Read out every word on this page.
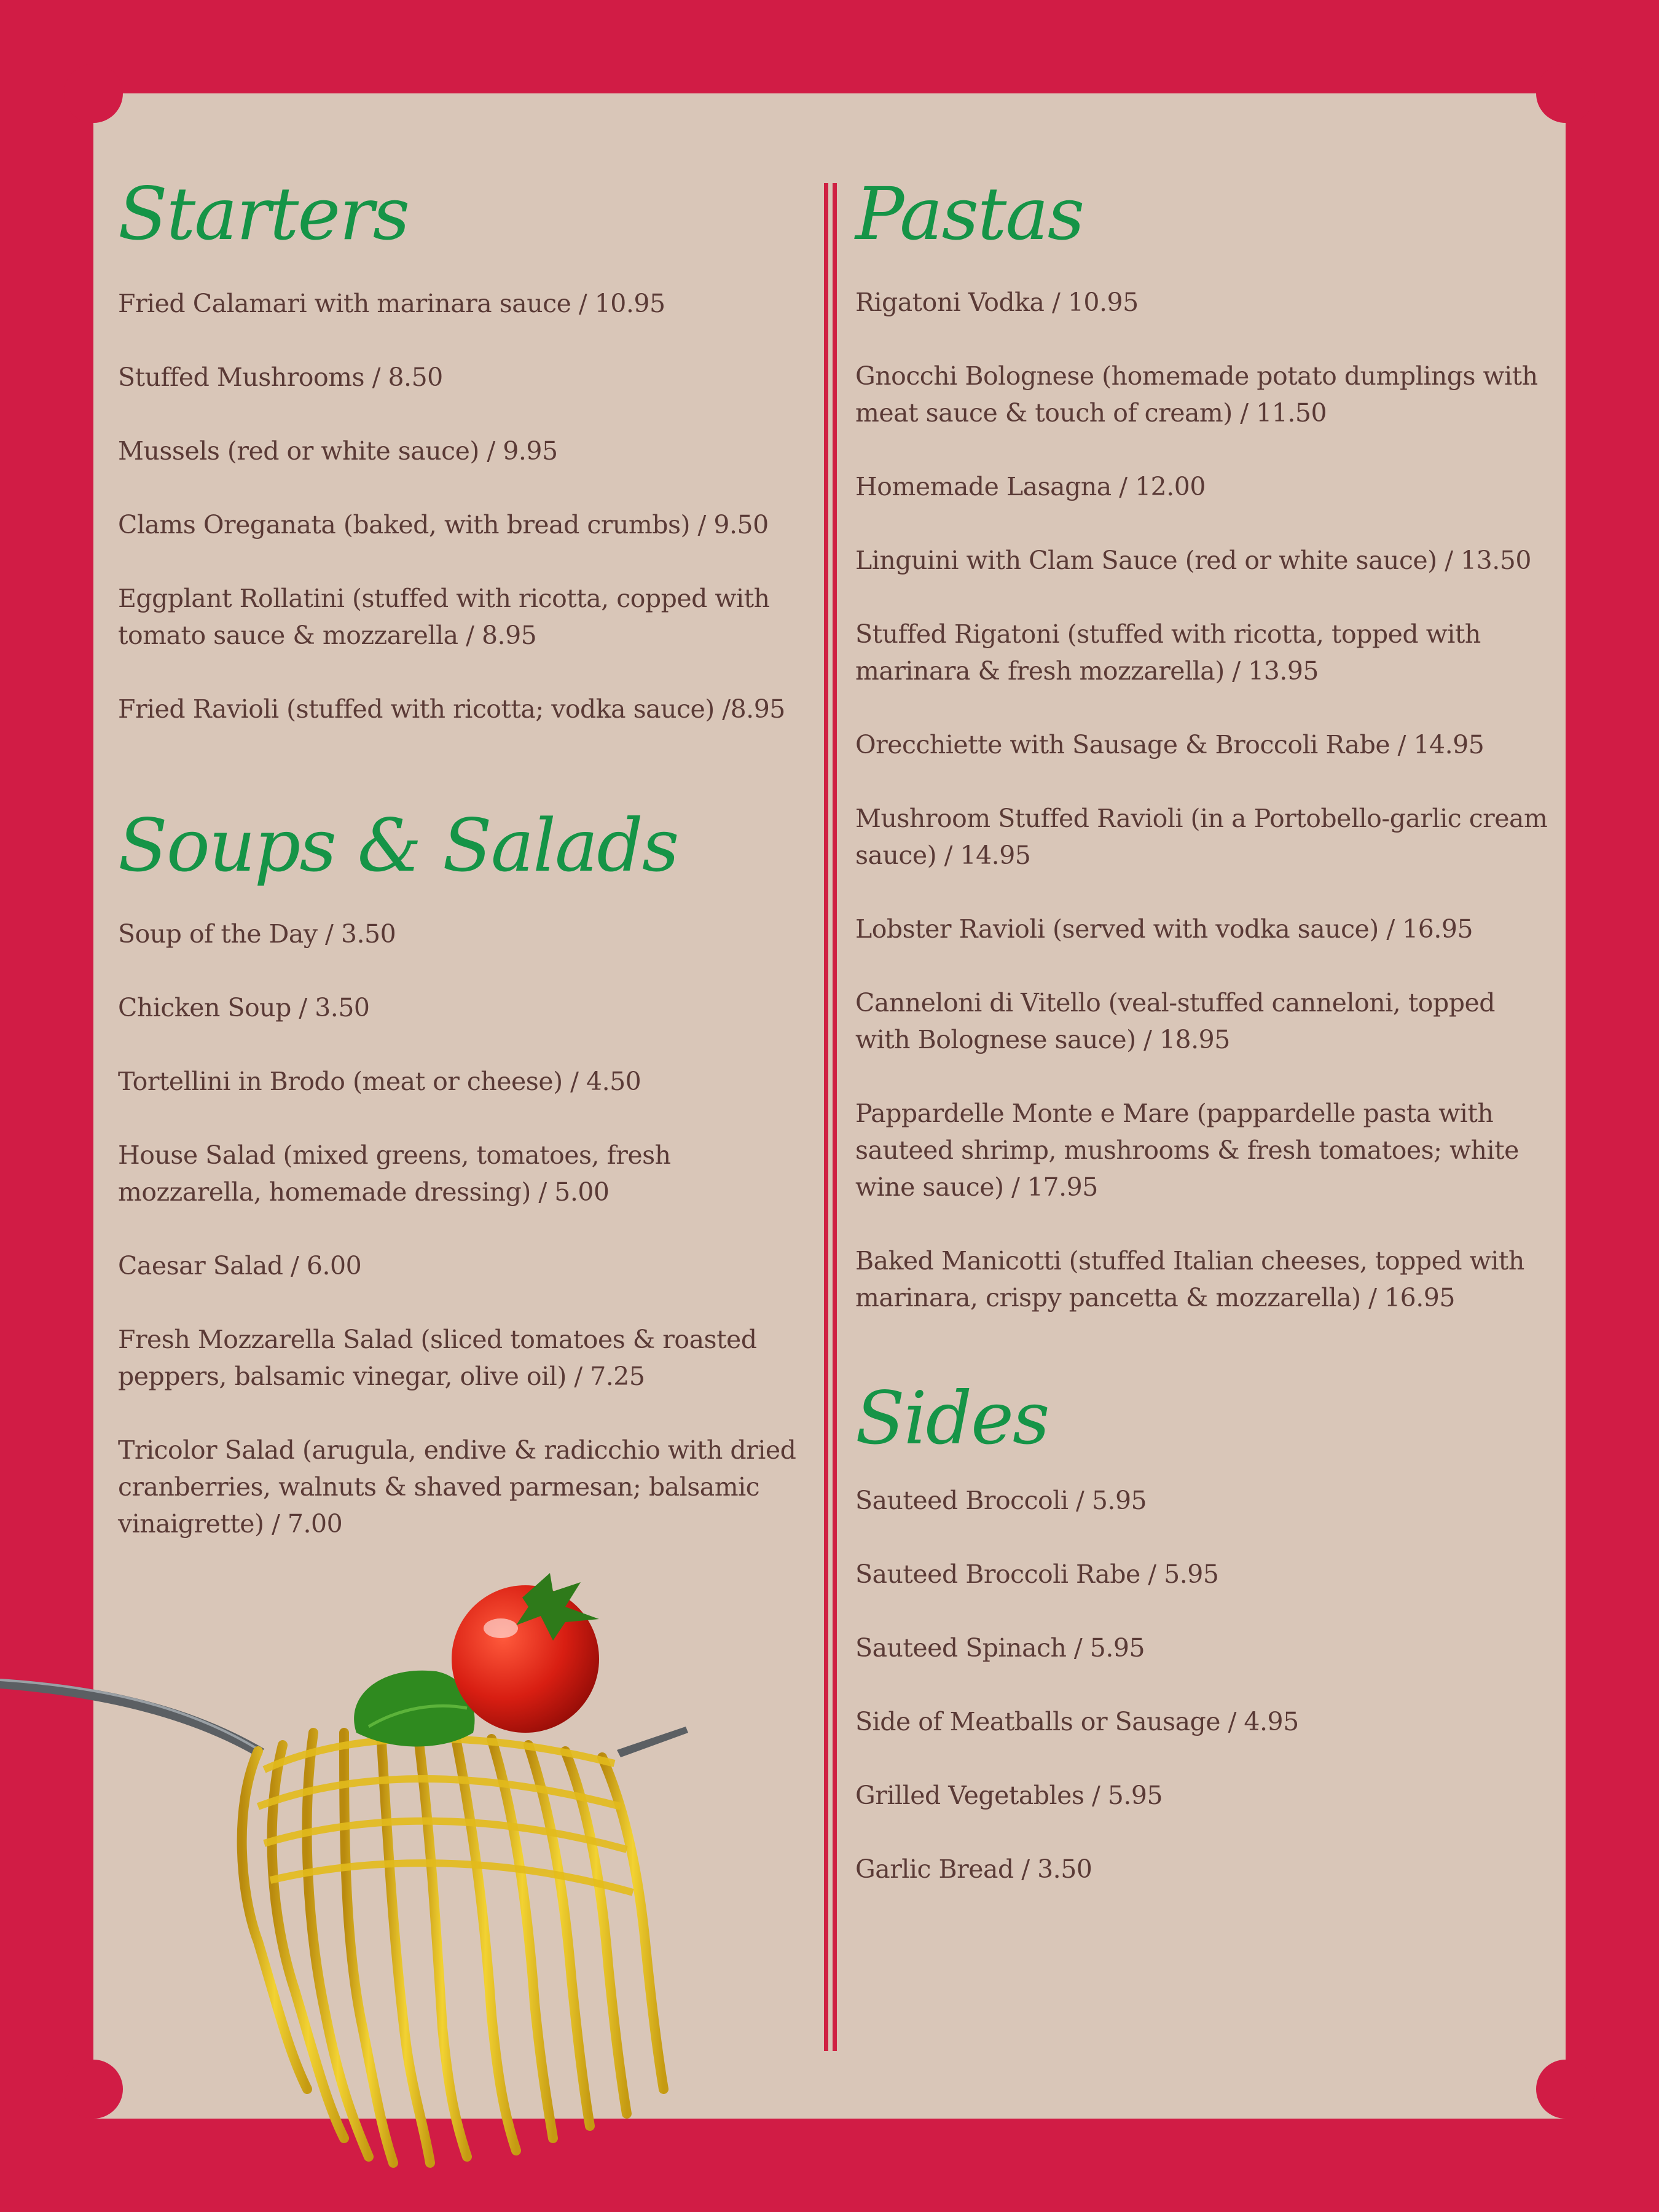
Starters

Fried Calamari with marinara sauce / 10.95

Stuffed Mushrooms / 8.50

Mussels (red or white sauce) / 9.95

Clams Oreganata (baked, with bread crumbs) / 9.50

Eggplant Rollatini (stuffed with ricotta, copped with tomato sauce & mozzarella / 8.95

Fried Ravioli (stuffed with ricotta; vodka sauce) /8.95

Soups & Salads

Soup of the Day / 3.50

Chicken Soup / 3.50

Tortellini in Brodo (meat or cheese) / 4.50

House Salad (mixed greens, tomatoes, fresh mozzarella, homemade dressing) / 5.00

Caesar Salad / 6.00

Fresh Mozzarella Salad (sliced tomatoes & roasted peppers, balsamic vinegar, olive oil) / 7.25

Tricolor Salad (arugula, endive & radicchio with dried cranberries, walnuts & shaved parmesan; balsamic vinaigrette) / 7.00

Pastas

Rigatoni Vodka / 10.95

Gnocchi Bolognese (homemade potato dumplings with meat sauce & touch of cream) / 11.50

Homemade Lasagna / 12.00

Linguini with Clam Sauce (red or white sauce) / 13.50

Stuffed Rigatoni (stuffed with ricotta, topped with marinara & fresh mozzarella) / 13.95

Orecchiette with Sausage & Broccoli Rabe / 14.95

Mushroom Stuffed Ravioli (in a Portobello-garlic cream sauce) / 14.95

Lobster Ravioli (served with vodka sauce) / 16.95

Canneloni di Vitello (veal-stuffed canneloni, topped with Bolognese sauce) / 18.95

Pappardelle Monte e Mare (pappardelle pasta with sauteed shrimp, mushrooms & fresh tomatoes; white wine sauce) / 17.95

Baked Manicotti (stuffed Italian cheeses, topped with marinara, crispy pancetta & mozzarella) / 16.95

Sides

Sauteed Broccoli / 5.95

Sauteed Broccoli Rabe / 5.95

Sauteed Spinach / 5.95

Side of Meatballs or Sausage / 4.95

Grilled Vegetables / 5.95

Garlic Bread / 3.50
